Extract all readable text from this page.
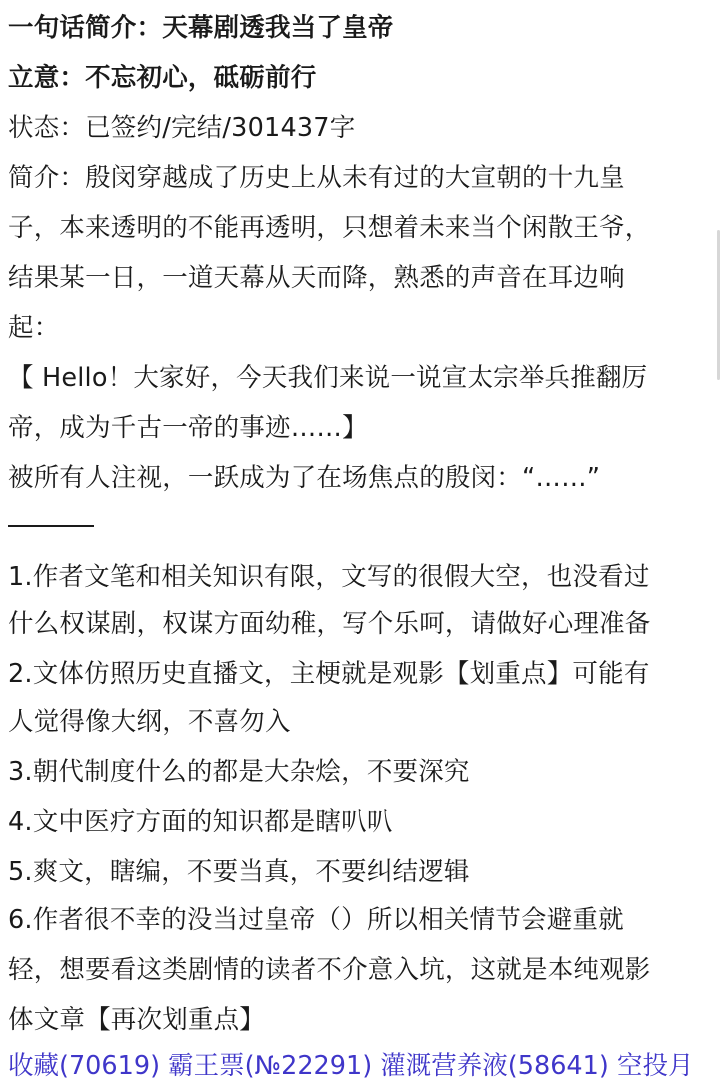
一句话简介：天幕剧透我当了皇帝
立意：不忘初心，砥砺前行
状态：已签约/完结/301437字
简介：殷闵穿越成了历史上从未有过的大宣朝的十九皇
子，本来透明的不能再透明，只想着未来当个闲散王爷，
结果某一日，一道天幕从天而降，熟悉的声音在耳边响
起：
【 Hello！大家好，今天我们来说一说宣太宗举兵推翻厉
帝，成为千古一帝的事迹……】
被所有人注视，一跃成为了在场焦点的殷闵：“……”
1.作者文笔和相关知识有限，文写的很假大空，也没看过
什么权谋剧，权谋方面幼稚，写个乐呵，请做好心理准备
2.文体仿照历史直播文，主梗就是观影【划重点】可能有
人觉得像大纲，不喜勿入
3.朝代制度什么的都是大杂烩，不要深究
4.文中医疗方面的知识都是瞎叭叭
5.爽文，瞎编，不要当真，不要纠结逻辑
6.作者很不幸的没当过皇帝（）所以相关情节会避重就
轻，想要看这类剧情的读者不介意入坑，这就是本纯观影
体文章【再次划重点】
收藏(70619) 霸王票(№22291) 灌溉营养液(58641) 空投月
